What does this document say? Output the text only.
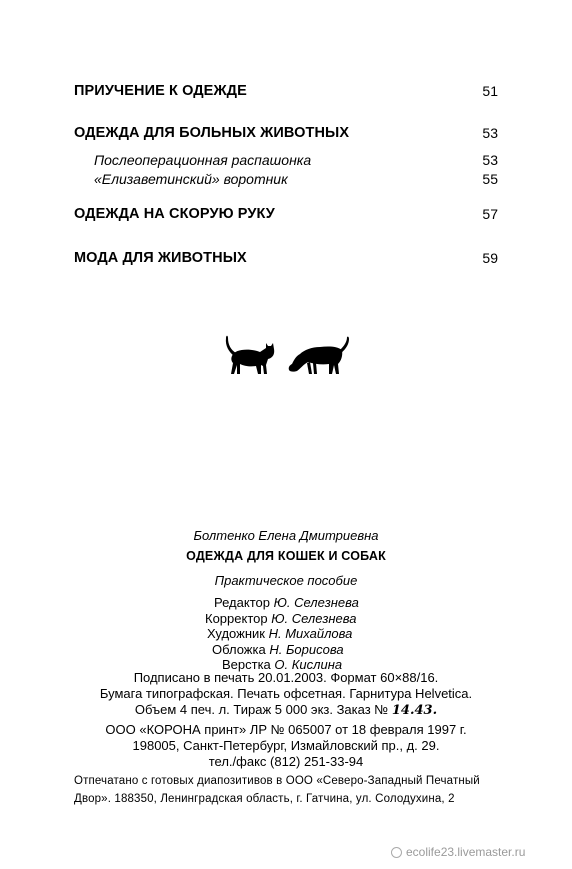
ПРИУЧЕНИЕ К ОДЕЖДЕ	51
ОДЕЖДА ДЛЯ БОЛЬНЫХ ЖИВОТНЫХ	53
Послеоперационная распашонка	53
«Елизаветинский» воротник	55
ОДЕЖДА НА СКОРУЮ РУКУ	57
МОДА ДЛЯ ЖИВОТНЫХ	59
Болтенко Елена Дмитриевна
ОДЕЖДА ДЛЯ КОШЕК И СОБАК
Практическое пособие
Редактор Ю. Селезнева
Корректор Ю. Селезнева
Художник Н. Михайлова
Обложка Н. Борисова
Верстка О. Кислина
Подписано в печать 20.01.2003. Формат 60×88/16.
Бумага типографская. Печать офсетная. Гарнитура Helvetica.
Объем 4 печ. л. Тираж 5 000 экз. Заказ № 14.43.
ООО «КОРОНА принт» ЛР № 065007 от 18 февраля 1997 г.
198005, Санкт-Петербург, Измайловский пр., д. 29.
тел./факс (812) 251-33-94
Отпечатано с готовых диапозитивов в ООО «Северо-Западный Печатный
Двор». 188350, Ленинградская область, г. Гатчина, ул. Солодухина, 2
ecolife23.livemaster.ru
